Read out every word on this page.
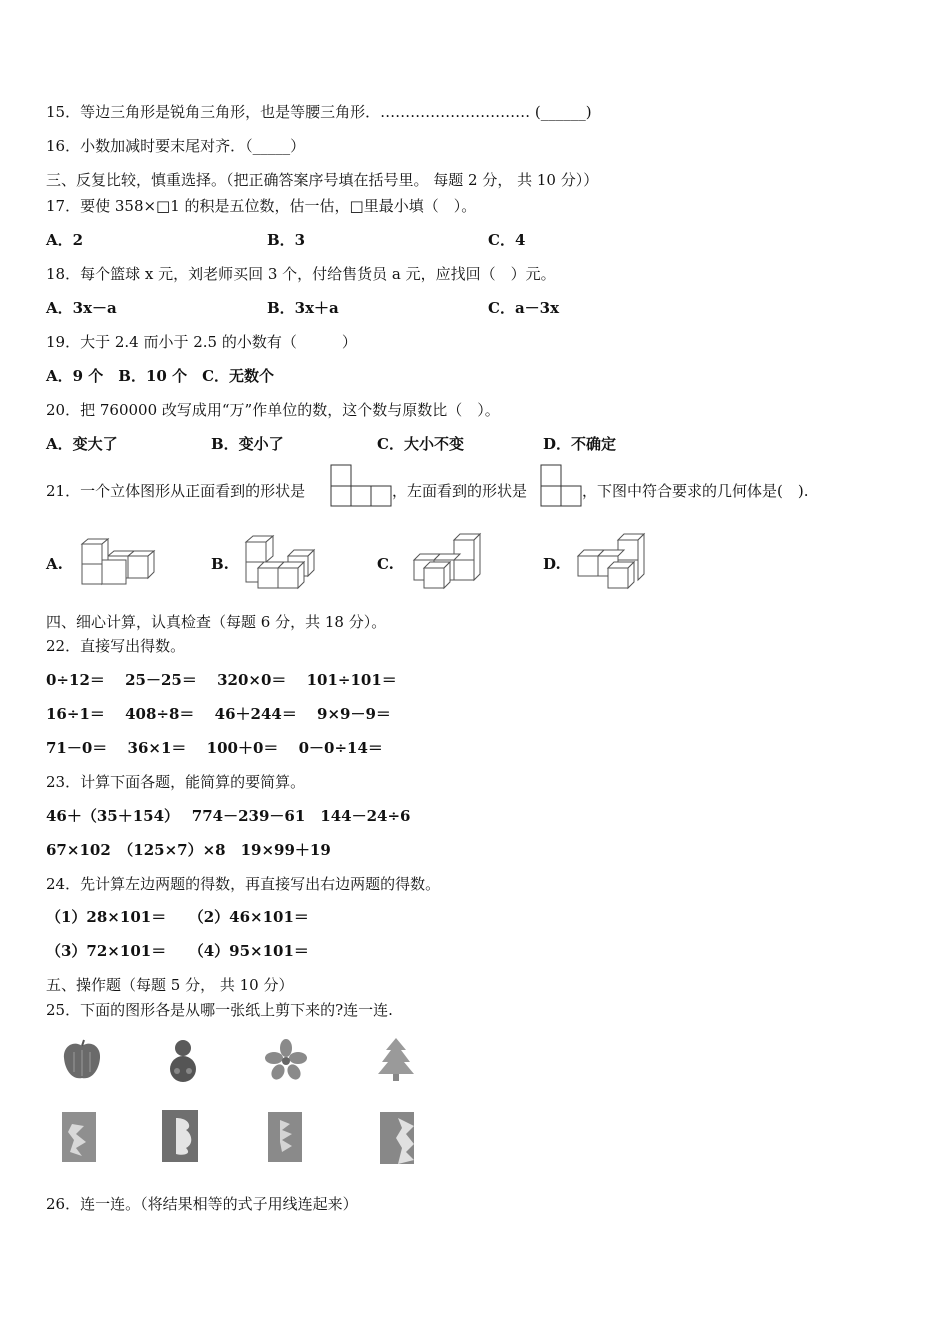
15．等边三角形是锐角三角形，也是等腰三角形．………………………… (______)
16．小数加减时要末尾对齐．（_____）
三、反复比较，慎重选择。（把正确答案序号填在括号里。 每题 2 分， 共 10 分））
17．要使 358×□1 的积是五位数，估一估，□里最小填（　）。
A．2	B．3	C．4
18．每个篮球 x 元，刘老师买回 3 个，付给售货员 a 元，应找回（　）元。
A．3x－a	B．3x＋a	C．a－3x
19．大于 2.4 而小于 2.5 的小数有（　　　）
A．9 个　B．10 个　C．无数个
20．把 760000 改写成用“万”作单位的数，这个数与原数比（　）。
A．变大了	B．变小了	C．大小不变	D．不确定
21．一个立体图形从正面看到的形状是	，左面看到的形状是	，下图中符合要求的几何体是(　).
A.	B.	C.	D.
四、细心计算，认真检查（每题 6 分，共 18 分）。
22．直接写出得数。
0÷12＝　 25－25＝　 320×0＝　 101÷101＝
16÷1＝　 408÷8＝　 46＋244＝　 9×9－9＝
71－0＝　 36×1＝　 100＋0＝　 0－0÷14＝
23．计算下面各题，能简算的要简算。
46＋（35＋154）　 774－239－61　144－24÷6
67×102　（125×7）×8　19×99＋19
24．先计算左边两题的得数，再直接写出右边两题的得数。
（1）28×101＝　　（2）46×101＝
（3）72×101＝　　（4）95×101＝
五、操作题（每题 5 分， 共 10 分）
25．下面的图形各是从哪一张纸上剪下来的?连一连.
26．连一连。（将结果相等的式子用线连起来）
